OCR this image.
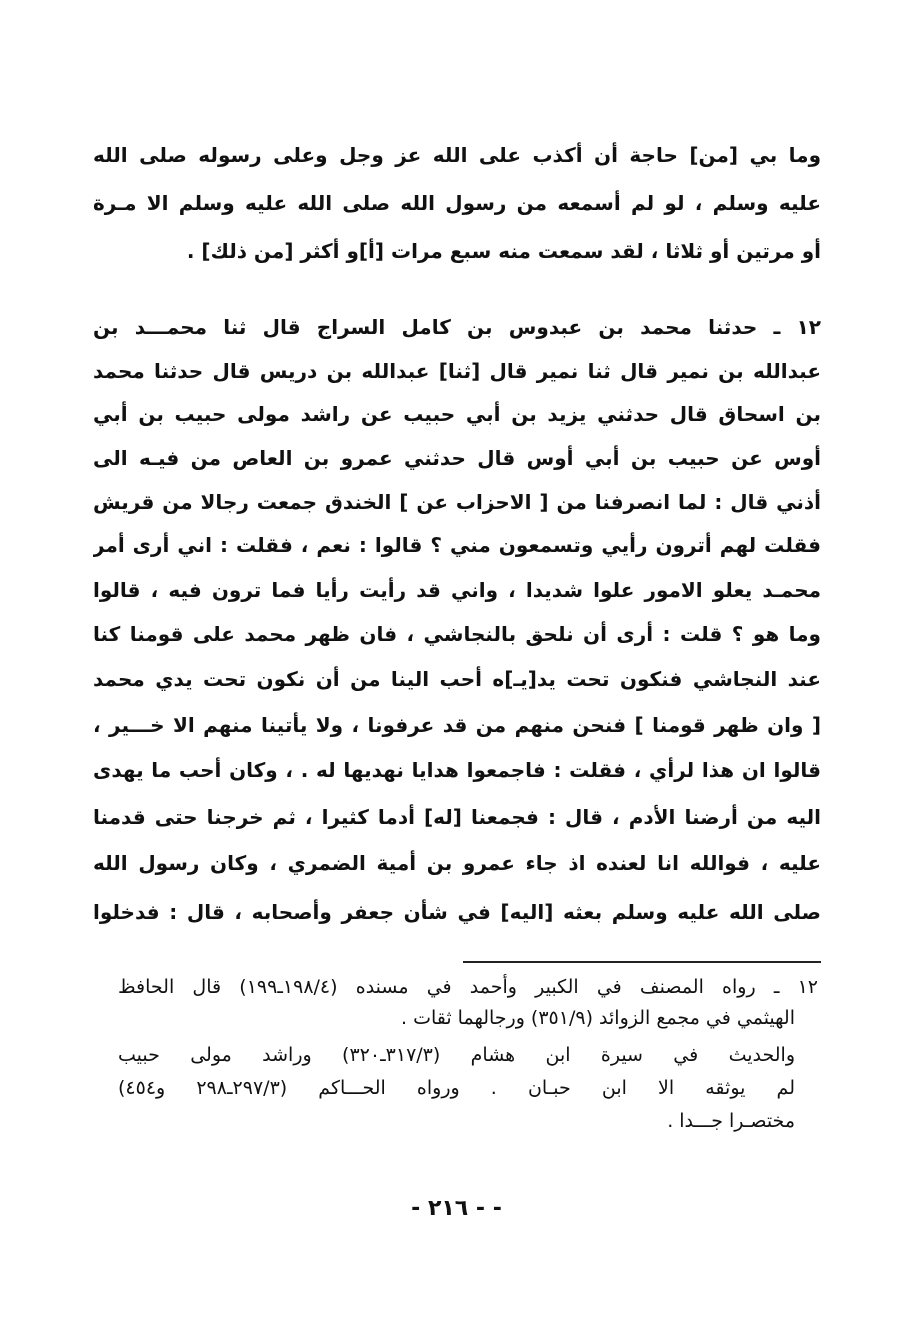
وما بي [من] حاجة أن أكذب على الله عز وجل وعلى رسوله صلى الله
عليه وسلم ، لو لم أسمعه من رسول الله صلى الله عليه وسلم الا مـرة
أو مرتين أو ثلاثا ، لقد سمعت منه سبع مرات [أ]و أكثر [من ذلك] .
١٢ ـ حدثنا محمد بن عبدوس بن كامل السراج قال ثنا محمـــد بن
عبدالله بن نمير قال ثنا نمير قال [ثنا] عبدالله بن دريس قال حدثنا محمد
بن اسحاق قال حدثني يزيد بن أبي حبيب عن راشد مولى حبيب بن أبي
أوس عن حبيب بن أبي أوس قال حدثني عمرو بن العاص من فيـه الى
أذني قال : لما انصرفنا من [ الاحزاب عن ] الخندق جمعت رجالا من قريش
فقلت لهم أترون رأيي وتسمعون مني ؟ قالوا : نعم ، فقلت : اني أرى أمر
محمـد يعلو الامور علوا شديدا ، واني قد رأيت رأيا فما ترون فيه ، قالوا
وما هو ؟ قلت : أرى أن نلحق بالنجاشي ، فان ظهر محمد على قومنا كنا
عند النجاشي فنكون تحت يد[يـ]ه أحب الينا من أن نكون تحت يدي محمد
[ وان ظهر قومنا ] فنحن منهم من قد عرفونا ، ولا يأتينا منهم الا خـــير ،
قالوا ان هذا لرأي ، فقلت : فاجمعوا هدايا نهديها له . ، وكان أحب ما يهدى
اليه من أرضنا الأدم ، قال : فجمعنا [له] أدما كثيرا ، ثم خرجنا حتى قدمنا
عليه ، فوالله انا لعنده اذ جاء عمرو بن أمية الضمري ، وكان رسول الله
صلى الله عليه وسلم بعثه [اليه] في شأن جعفر وأصحابه ، قال : فدخلوا
١٢ ـ رواه المصنف في الكبير وأحمد في مسنده (١٩٨/٤ـ١٩٩) قال الحافظ
الهيثمي في مجمع الزوائد (٣٥١/٩) ورجالهما ثقات .
والحديث في سيرة ابن هشام (٣١٧/٣ـ٣٢٠) وراشد مولى حبيب
لم يوثقه الا ابن حبـان . ورواه الحـــاكم (٢٩٧/٣ـ٢٩٨ و٤٥٤)
مختصـرا جـــدا .
- - ٢١٦ -
